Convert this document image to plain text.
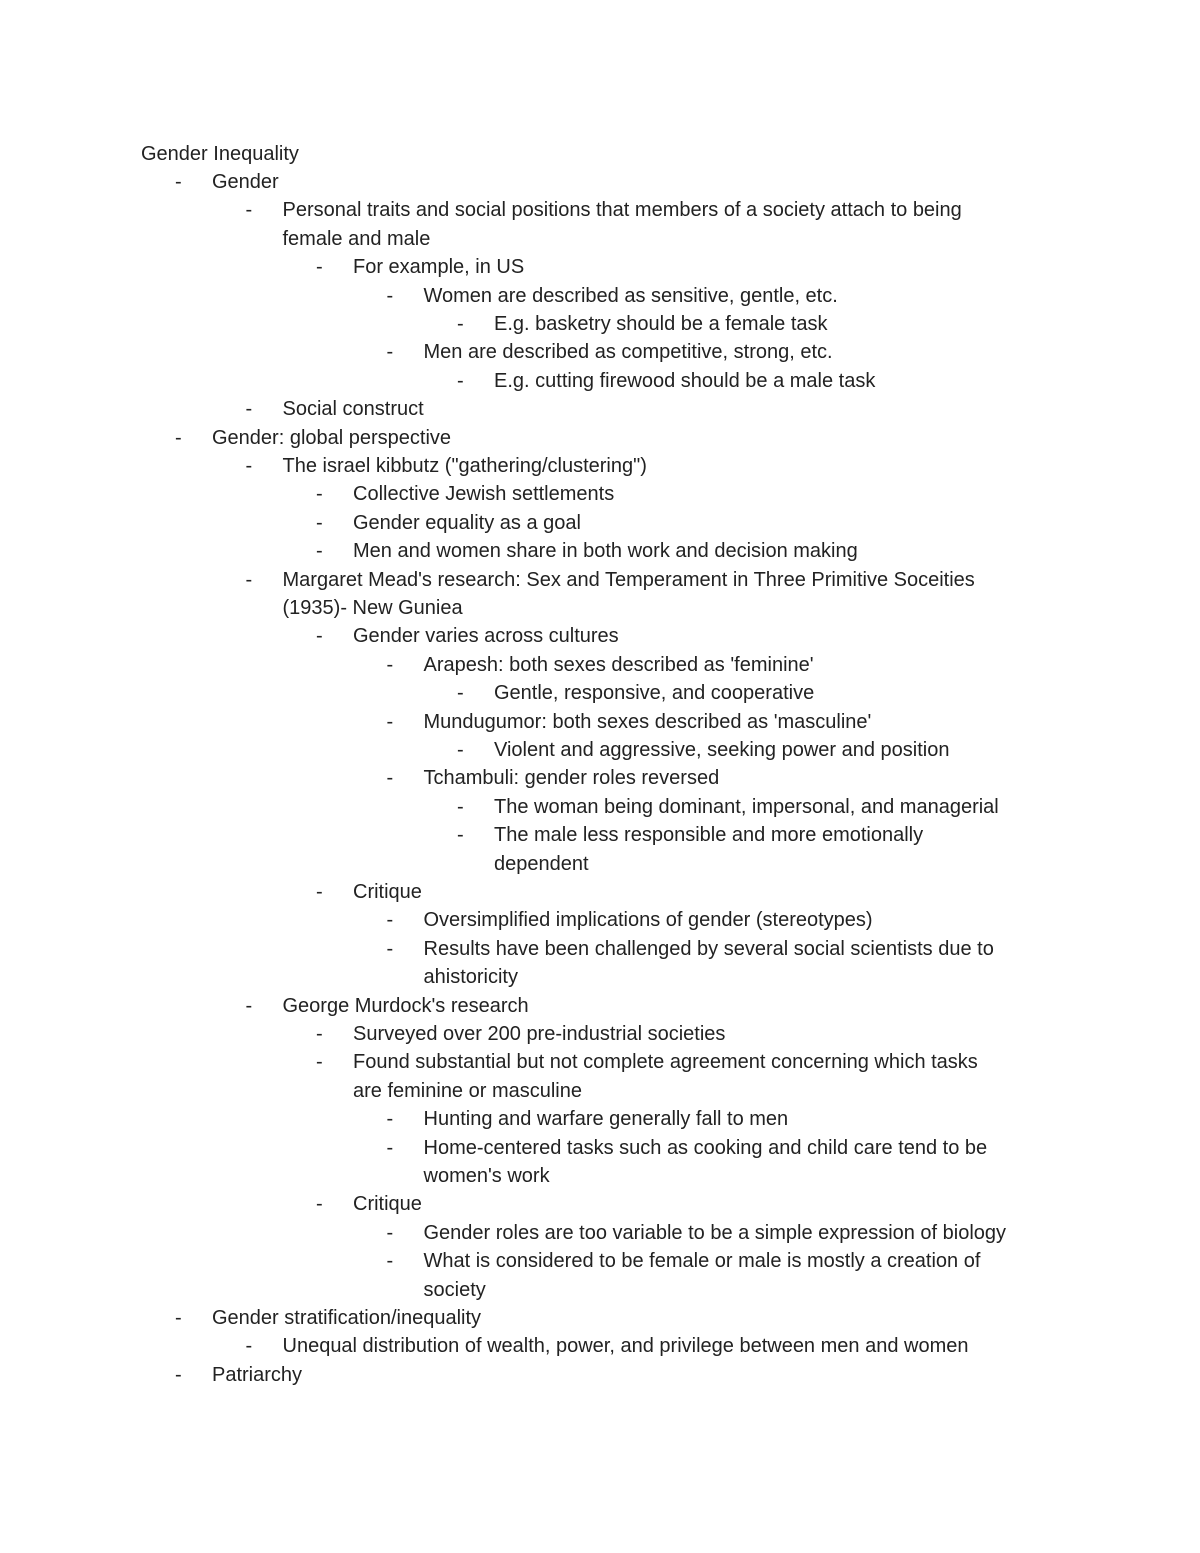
Gender Inequality
- Gender
- Personal traits and social positions that members of a society attach to being
female and male
- For example, in US
- Women are described as sensitive, gentle, etc.
- E.g. basketry should be a female task
- Men are described as competitive, strong, etc.
- E.g. cutting firewood should be a male task
- Social construct
- Gender: global perspective
- The israel kibbutz ("gathering/clustering")
- Collective Jewish settlements
- Gender equality as a goal
- Men and women share in both work and decision making
- Margaret Mead's research: Sex and Temperament in Three Primitive Soceities
(1935)- New Guniea
- Gender varies across cultures
- Arapesh: both sexes described as 'feminine'
- Gentle, responsive, and cooperative
- Mundugumor: both sexes described as 'masculine'
- Violent and aggressive, seeking power and position
- Tchambuli: gender roles reversed
- The woman being dominant, impersonal, and managerial
- The male less responsible and more emotionally
dependent
- Critique
- Oversimplified implications of gender (stereotypes)
- Results have been challenged by several social scientists due to
ahistoricity
- George Murdock's research
- Surveyed over 200 pre-industrial societies
- Found substantial but not complete agreement concerning which tasks
are feminine or masculine
- Hunting and warfare generally fall to men
- Home-centered tasks such as cooking and child care tend to be
women's work
- Critique
- Gender roles are too variable to be a simple expression of biology
- What is considered to be female or male is mostly a creation of
society
- Gender stratification/inequality
- Unequal distribution of wealth, power, and privilege between men and women
- Patriarchy
